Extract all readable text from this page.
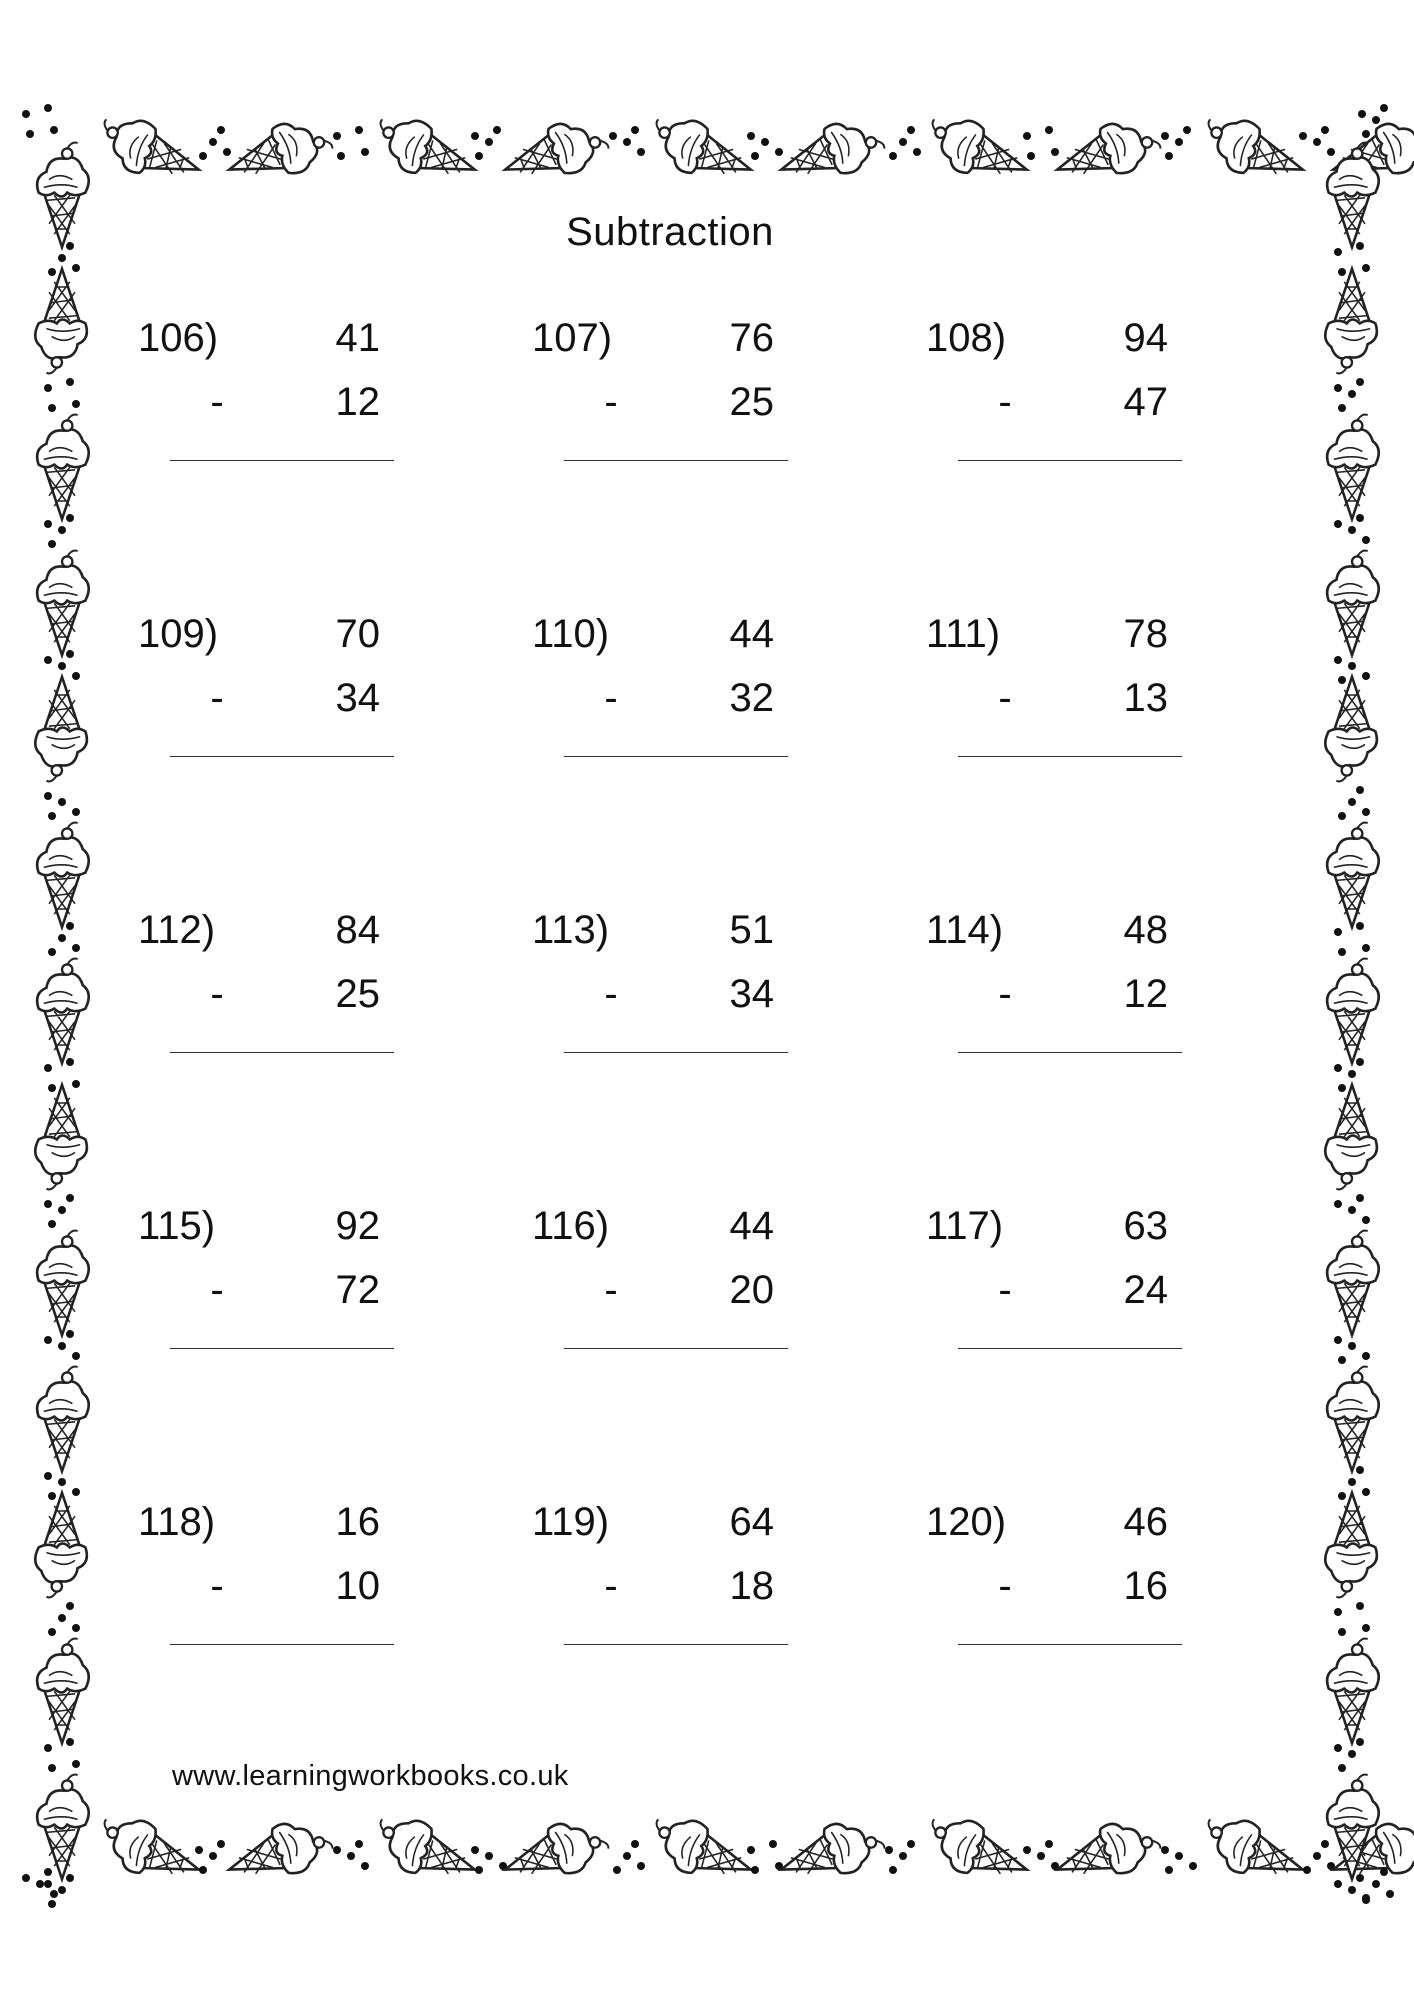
Subtraction
106)	41
-	12
107)	76
-	25
108)	94
-	47
109)	70
-	34
110)	44
-	32
111)	78
-	13
112)	84
-	25
113)	51
-	34
114)	48
-	12
115)	92
-	72
116)	44
-	20
117)	63
-	24
118)	16
-	10
119)	64
-	18
120)	46
-	16
www.learningworkbooks.co.uk
